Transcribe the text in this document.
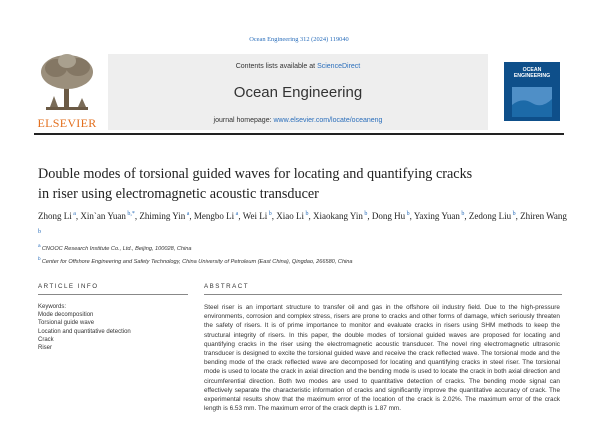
Ocean Engineering 312 (2024) 119040
ELSEVIER
Contents lists available at ScienceDirect
Ocean Engineering
journal homepage: www.elsevier.com/locate/oceaneng
OCEAN ENGINEERING
Double modes of torsional guided waves for locating and quantifying cracks
in riser using electromagnetic acoustic transducer
Zhong Li $^a$, Xin`an Yuan $^{b,*}$, Zhiming Yin $^a$, Mengbo Li $^a$, Wei Li $^b$, Xiao Li $^b$, Xiaokang Yin $^b$, Dong Hu $^b$, Yaxing Yuan $^b$, Zedong Liu $^b$, Zhiren Wang $^b$
$^a$ CNOOC Research Institute Co., Ltd., Beijing, 100028, China
$^b$ Center for Offshore Engineering and Safety Technology, China University of Petroleum (East China), Qingdao, 266580, China
ARTICLE INFO	ABSTRACT
Keywords:
Mode decomposition
Torsional guide wave
Location and quantitative detection
Crack
Riser
Steel riser is an important structure to transfer oil and gas in the offshore oil industry field. Due to the high-pressure environments, corrosion and complex stress, risers are prone to cracks and other forms of damage, which seriously threaten the safety of risers. It is of prime importance to monitor and evaluate cracks in risers using SHM methods to keep the structural integrity of risers. In this paper, the double modes of torsional guided waves are proposed for locating and quantifying cracks in the riser using the electromagnetic acoustic transducer. The novel ring electromagnetic ultrasonic transducer is designed to excite the torsional guided wave and receive the crack reflected wave. The torsional mode and the bending mode of the crack reflected wave are decomposed for locating and quantifying cracks in steel riser. The torsional mode is used to locate the crack in axial direction and the bending mode is used to locate the crack in both axial direction and circumferential direction. Both two modes are used to quantitative detection of cracks. The bending mode signal can effectively separate the characteristic information of cracks and significantly improve the quantitative accuracy of crack. The experimental results show that the maximum error of the location of the crack is 2.02%. The maximum error of the crack length is 6.53 mm. The maximum error of the crack depth is 1.87 mm.
